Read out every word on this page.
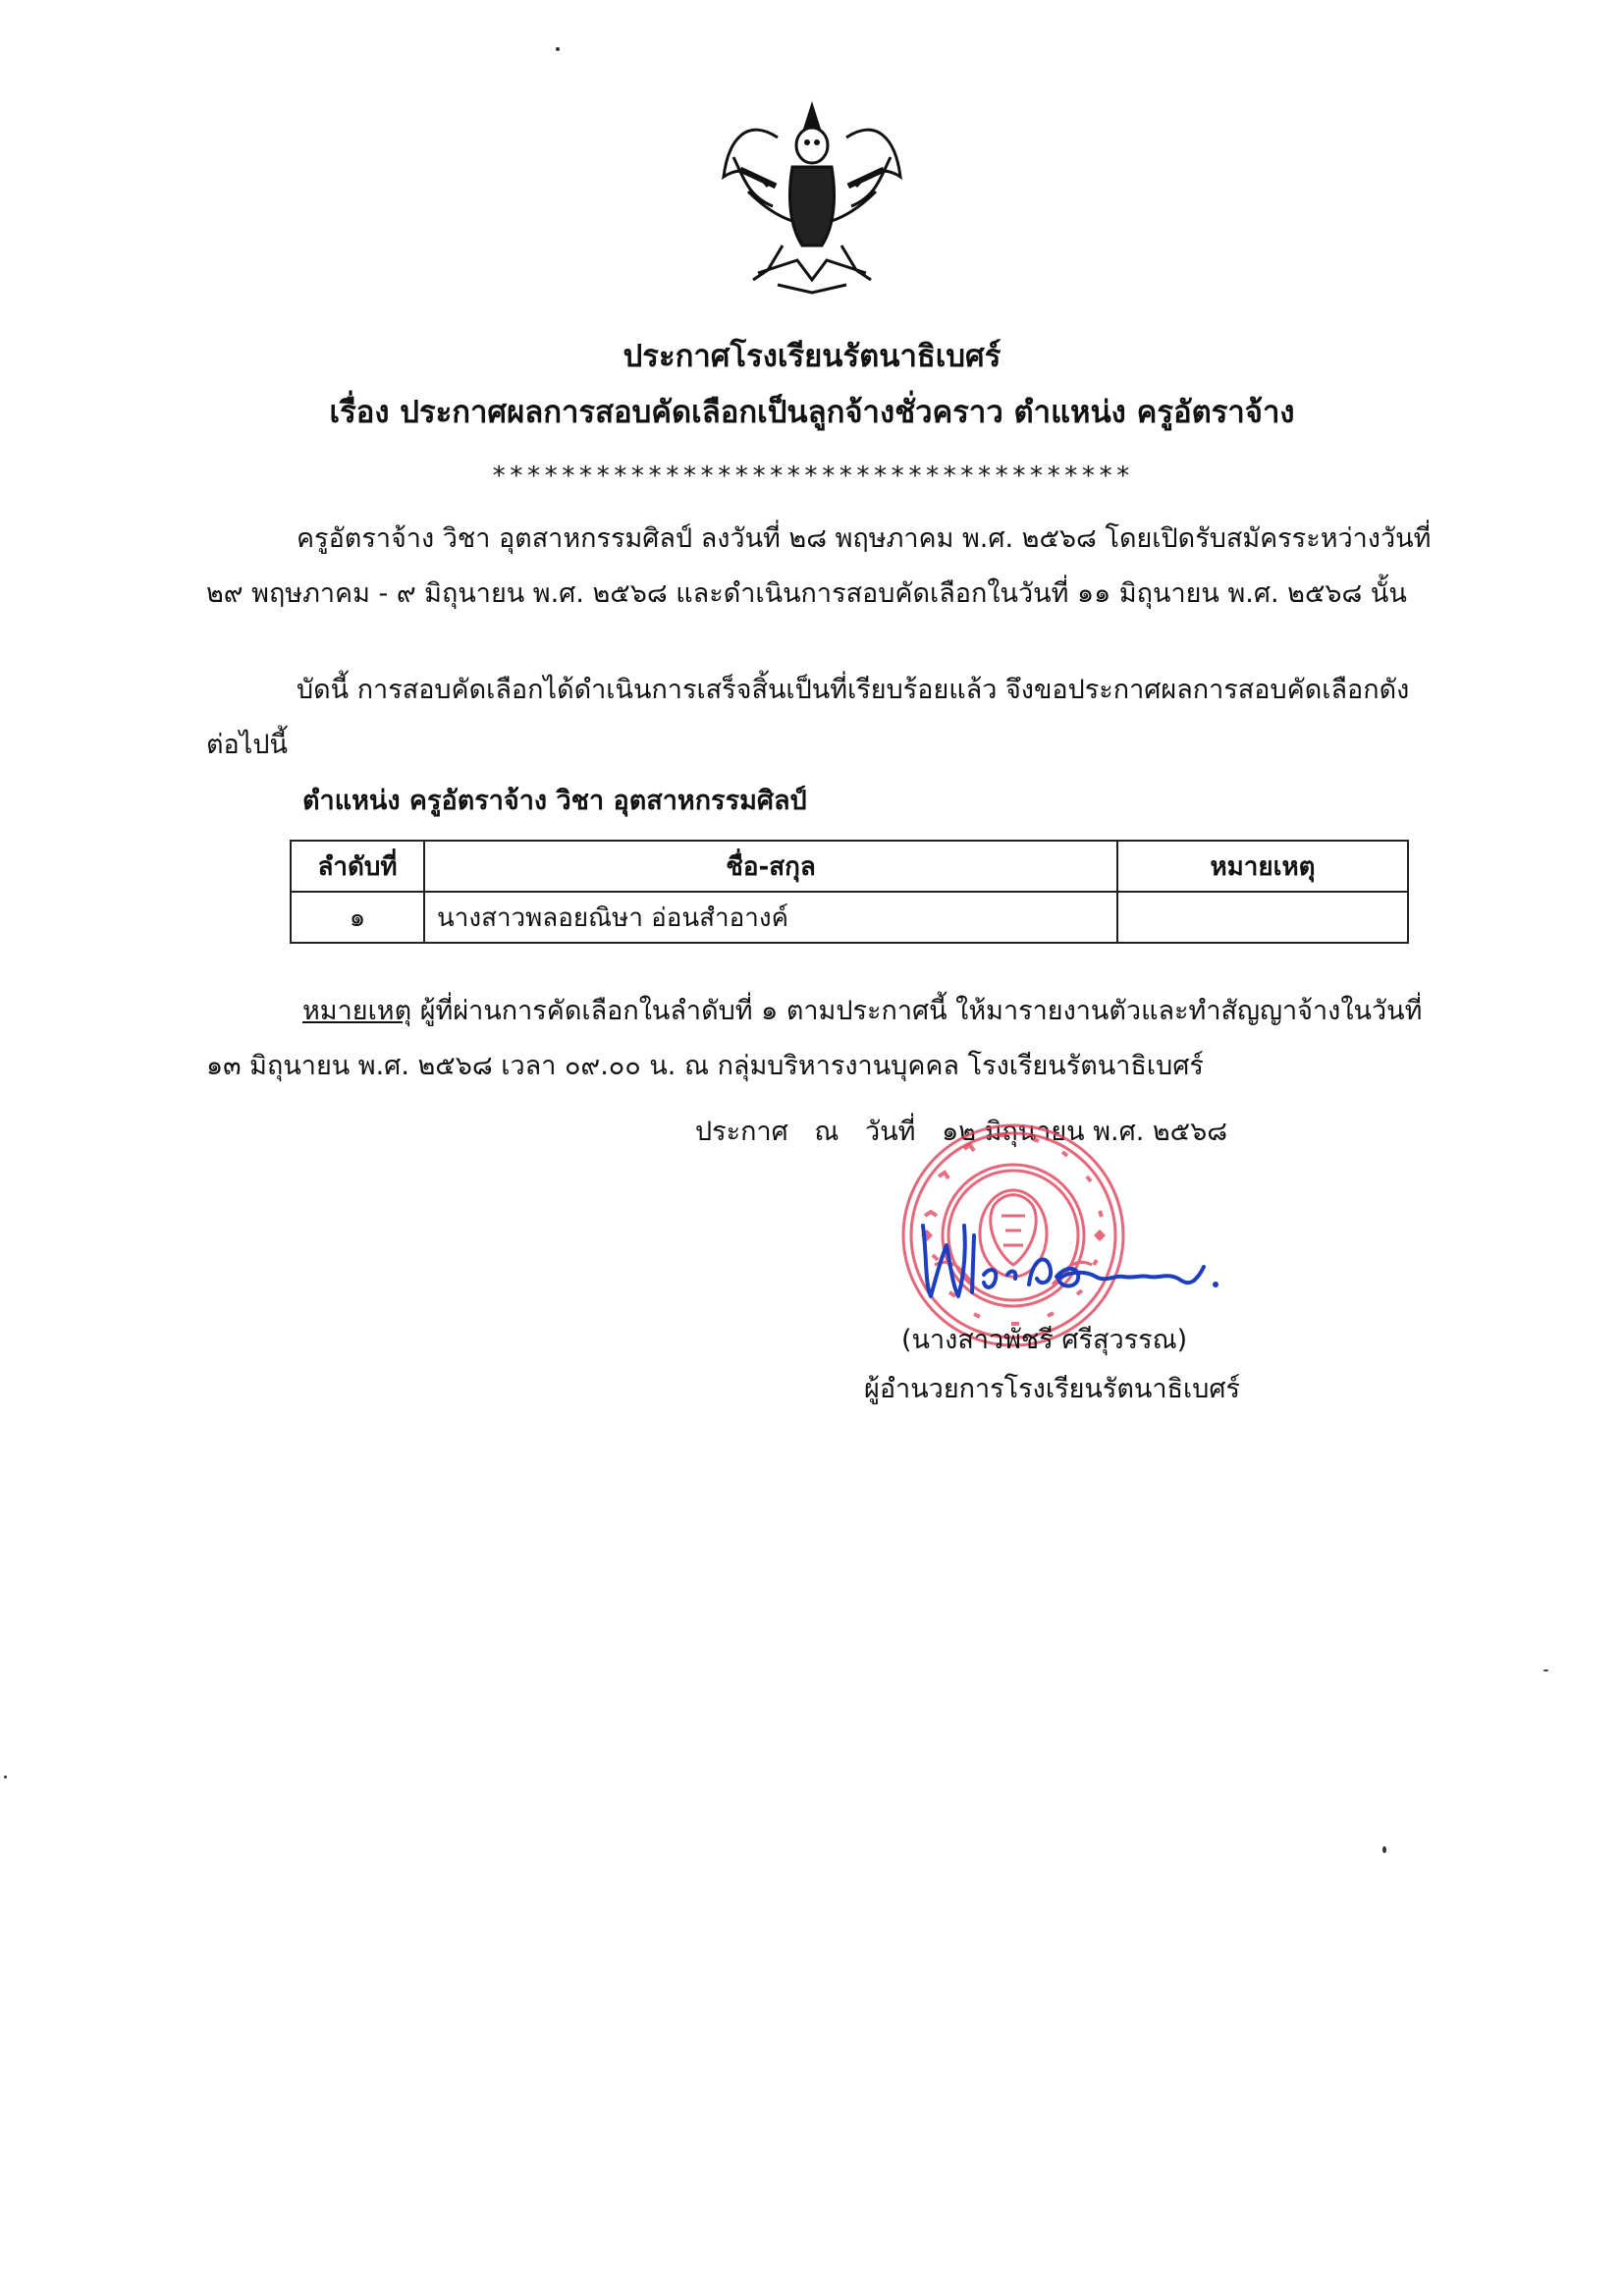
ประกาศโรงเรียนรัตนาธิเบศร์
เรื่อง ประกาศผลการสอบคัดเลือกเป็นลูกจ้างชั่วคราว ตำแหน่ง ครูอัตราจ้าง
*************************************
ครูอัตราจ้าง วิชา อุตสาหกรรมศิลป์ ลงวันที่ ๒๘ พฤษภาคม พ.ศ. ๒๕๖๘ โดยเปิดรับสมัครระหว่างวันที่ ๒๙ พฤษภาคม - ๙ มิถุนายน พ.ศ. ๒๕๖๘ และดำเนินการสอบคัดเลือกในวันที่ ๑๑ มิถุนายน พ.ศ. ๒๕๖๘ นั้น
บัดนี้ การสอบคัดเลือกได้ดำเนินการเสร็จสิ้นเป็นที่เรียบร้อยแล้ว จึงขอประกาศผลการสอบคัดเลือกดังต่อไปนี้
ตำแหน่ง ครูอัตราจ้าง วิชา อุตสาหกรรมศิลป์
ลำดับที่	ชื่อ-สกุล	หมายเหตุ
๑	นางสาวพลอยณิษา อ่อนสำอางค์	
หมายเหตุ ผู้ที่ผ่านการคัดเลือกในลำดับที่ ๑ ตามประกาศนี้ ให้มารายงานตัวและทำสัญญาจ้างในวันที่ ๑๓ มิถุนายน พ.ศ. ๒๕๖๘ เวลา ๐๙.๐๐ น. ณ กลุ่มบริหารงานบุคคล โรงเรียนรัตนาธิเบศร์
ประกาศ ณ วันที่ ๑๒ มิถุนายน พ.ศ. ๒๕๖๘
(นางสาวพัชรี ศรีสุวรรณ)
ผู้อำนวยการโรงเรียนรัตนาธิเบศร์
